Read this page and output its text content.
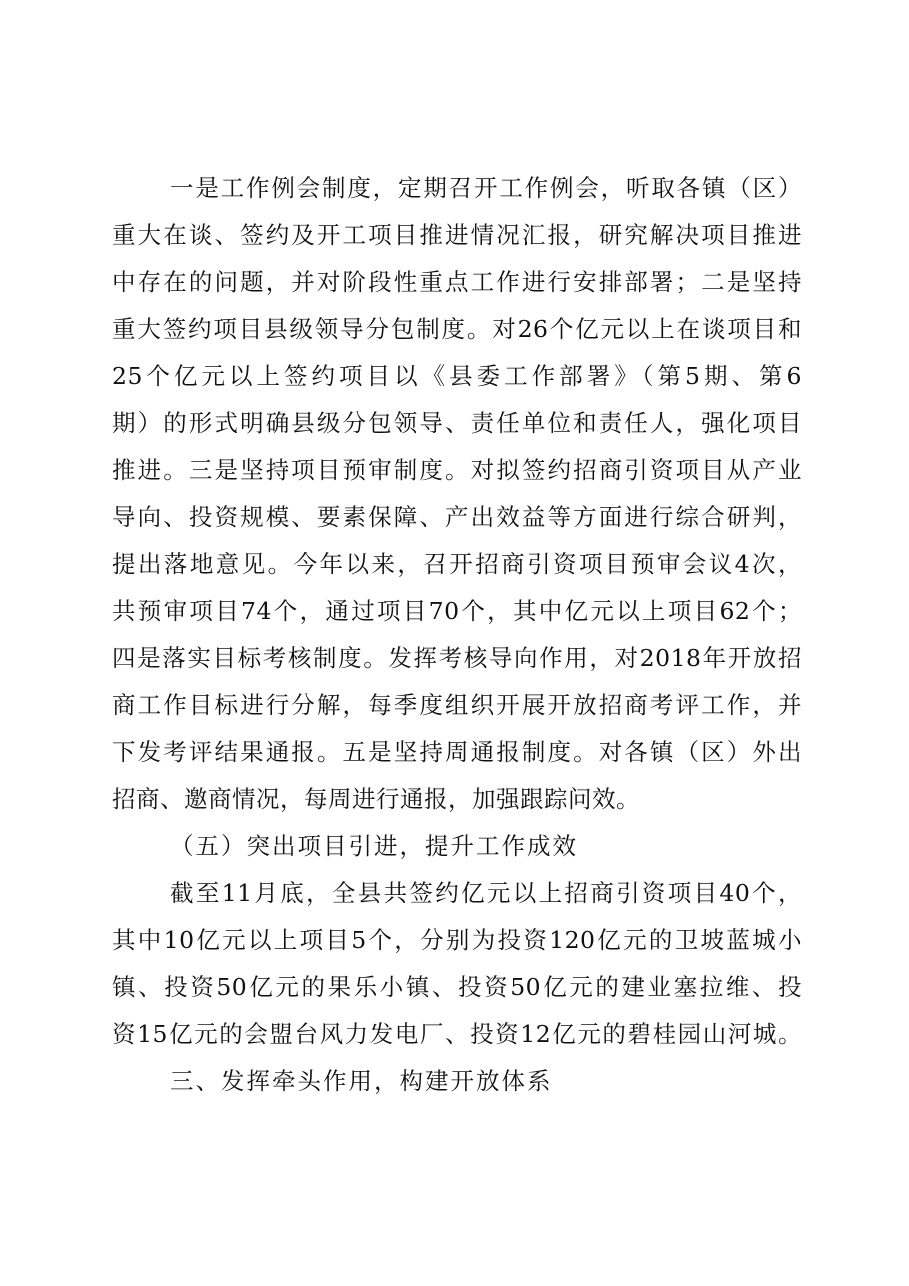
一是工作例会制度，定期召开工作例会，听取各镇（区）
重大在谈、签约及开工项目推进情况汇报，研究解决项目推进
中存在的问题，并对阶段性重点工作进行安排部署；二是坚持
重大签约项目县级领导分包制度。对26个亿元以上在谈项目和
25个亿元以上签约项目以《县委工作部署》（第5期、第6
期）的形式明确县级分包领导、责任单位和责任人，强化项目
推进。三是坚持项目预审制度。对拟签约招商引资项目从产业
导向、投资规模、要素保障、产出效益等方面进行综合研判，
提出落地意见。今年以来，召开招商引资项目预审会议4次，
共预审项目74个，通过项目70个，其中亿元以上项目62个；
四是落实目标考核制度。发挥考核导向作用，对2018年开放招
商工作目标进行分解，每季度组织开展开放招商考评工作，并
下发考评结果通报。五是坚持周通报制度。对各镇（区）外出
招商、邀商情况，每周进行通报，加强跟踪问效。
（五）突出项目引进，提升工作成效
截至11月底，全县共签约亿元以上招商引资项目40个，
其中10亿元以上项目5个，分别为投资120亿元的卫坡蓝城小
镇、投资50亿元的果乐小镇、投资50亿元的建业塞拉维、投
资15亿元的会盟台风力发电厂、投资12亿元的碧桂园山河城。
三、发挥牵头作用，构建开放体系
